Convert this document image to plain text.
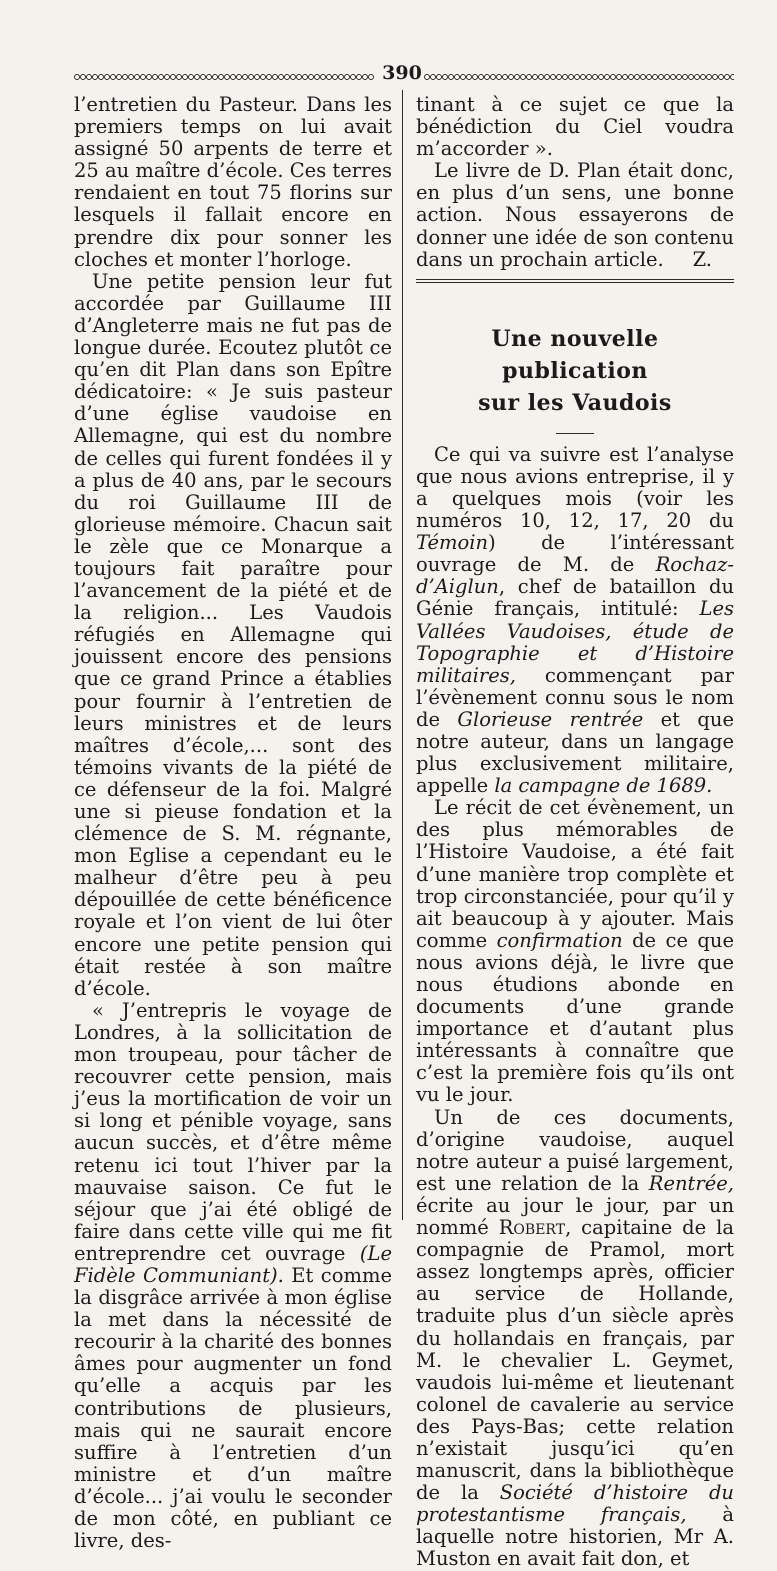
390

l’entretien du Pasteur. Dans les premiers temps on lui avait assigné 50 arpents de terre et 25 au maître d’école. Ces terres rendaient en tout 75 florins sur lesquels il fallait encore en prendre dix pour sonner les cloches et monter l’horloge.

Une petite pension leur fut accordée par Guillaume III d’Angleterre mais ne fut pas de longue durée. Ecoutez plutôt ce qu’en dit Plan dans son Epître dédicatoire: « Je suis pasteur d’une église vaudoise en Allemagne, qui est du nombre de celles qui furent fondées il y a plus de 40 ans, par le secours du roi Guillaume III de glorieuse mémoire. Chacun sait le zèle que ce Monarque a toujours fait paraître pour l’avancement de la piété et de la religion... Les Vaudois réfugiés en Allemagne qui jouissent encore des pensions que ce grand Prince a établies pour fournir à l’entretien de leurs ministres et de leurs maîtres d’école,... sont des témoins vivants de la piété de ce défenseur de la foi. Malgré une si pieuse fondation et la clémence de S. M. régnante, mon Eglise a cependant eu le malheur d’être peu à peu dépouillée de cette bénéficence royale et l’on vient de lui ôter encore une petite pension qui était restée à son maître d’école.

« J’entrepris le voyage de Londres, à la sollicitation de mon troupeau, pour tâcher de recouvrer cette pension, mais j’eus la mortification de voir un si long et pénible voyage, sans aucun succès, et d’être même retenu ici tout l’hiver par la mauvaise saison. Ce fut le séjour que j’ai été obligé de faire dans cette ville qui me fit entreprendre cet ouvrage (Le Fidèle Communiant). Et comme la disgrâce arrivée à mon église la met dans la nécessité de recourir à la charité des bonnes âmes pour augmenter un fond qu’elle a acquis par les contributions de plusieurs, mais qui ne saurait encore suffire à l’entretien d’un ministre et d’un maître d’école... j’ai voulu le seconder de mon côté, en publiant ce livre, des-

tinant à ce sujet ce que la bénédiction du Ciel voudra m’accorder ».

Le livre de D. Plan était donc, en plus d’un sens, une bonne action. Nous essayerons de donner une idée de son contenu dans un prochain article.	Z.

Une nouvelle publication
sur les Vaudois

Ce qui va suivre est l’analyse que nous avions entreprise, il y a quelques mois (voir les numéros 10, 12, 17, 20 du Témoin) de l’intéressant ouvrage de M. de Rochaz-d’Aiglun, chef de bataillon du Génie français, intitulé: Les Vallées Vaudoises, étude de Topographie et d’Histoire militaires, commençant par l’évènement connu sous le nom de Glorieuse rentrée et que notre auteur, dans un langage plus exclusivement militaire, appelle la campagne de 1689.

Le récit de cet évènement, un des plus mémorables de l’Histoire Vaudoise, a été fait d’une manière trop complète et trop circonstanciée, pour qu’il y ait beaucoup à y ajouter. Mais comme confirmation de ce que nous avions déjà, le livre que nous étudions abonde en documents d’une grande importance et d’autant plus intéressants à connaître que c’est la première fois qu’ils ont vu le jour.

Un de ces documents, d’origine vaudoise, auquel notre auteur a puisé largement, est une relation de la Rentrée, écrite au jour le jour, par un nommé Robert, capitaine de la compagnie de Pramol, mort assez longtemps après, officier au service de Hollande, traduite plus d’un siècle après du hollandais en français, par M. le chevalier L. Geymet, vaudois lui-même et lieutenant colonel de cavalerie au service des Pays-Bas; cette relation n’existait jusqu’ici qu’en manuscrit, dans la bibliothèque de la Société d’histoire du protestantisme français, à laquelle notre historien, Mr A. Muston en avait fait don, et
